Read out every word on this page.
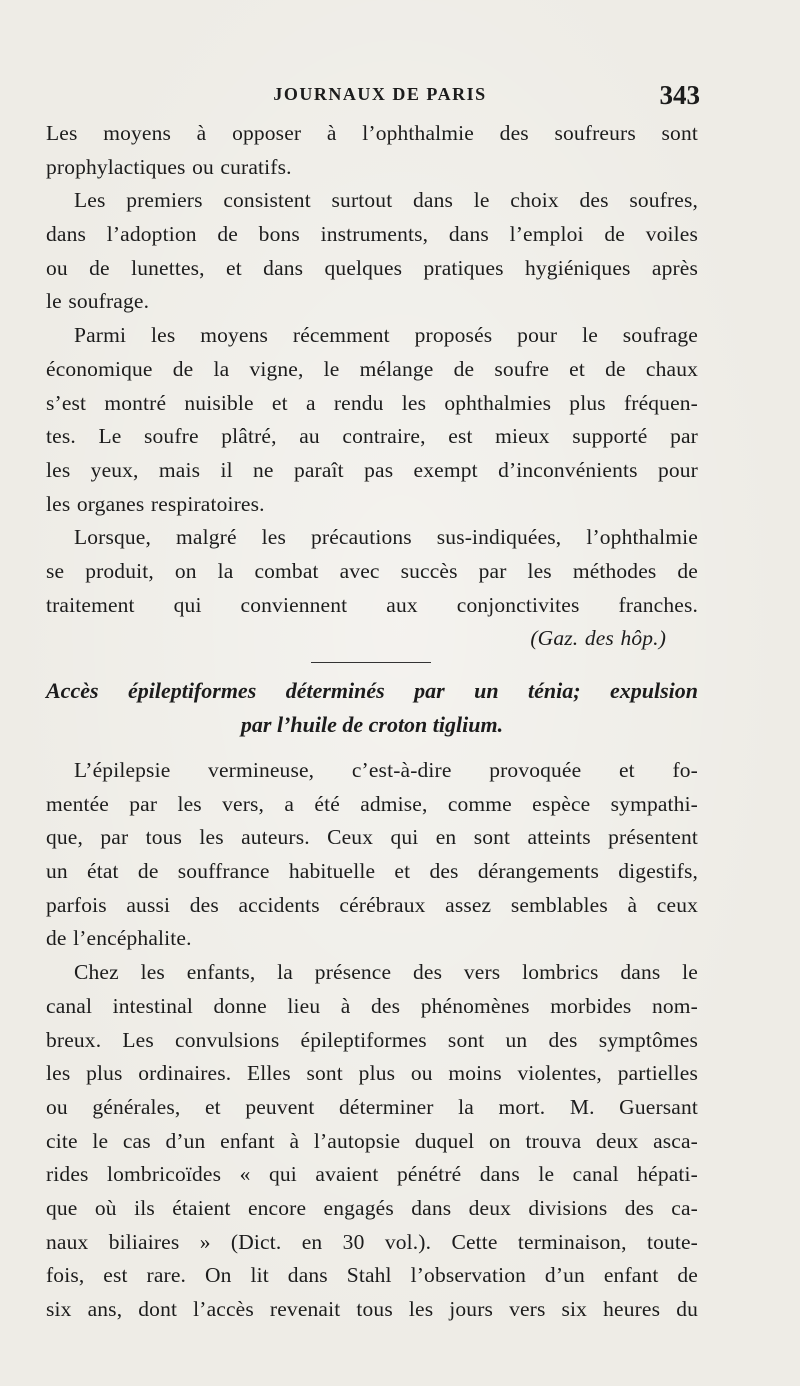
JOURNAUX DE PARIS	343
Les moyens à opposer à l’ophthalmie des soufreurs sont
prophylactiques ou curatifs.
Les premiers consistent surtout dans le choix des soufres,
dans l’adoption de bons instruments, dans l’emploi de voiles
ou de lunettes, et dans quelques pratiques hygiéniques après
le soufrage.
Parmi les moyens récemment proposés pour le soufrage
économique de la vigne, le mélange de soufre et de chaux
s’est montré nuisible et a rendu les ophthalmies plus fréquen-
tes. Le soufre plâtré, au contraire, est mieux supporté par
les yeux, mais il ne paraît pas exempt d’inconvénients pour
les organes respiratoires.
Lorsque, malgré les précautions sus-indiquées, l’ophthalmie
se produit, on la combat avec succès par les méthodes de
traitement qui conviennent aux conjonctivites franches.
(Gaz. des hôp.)
Accès épileptiformes déterminés par un ténia; expulsion
par l’huile de croton tiglium.
L’épilepsie vermineuse, c’est-à-dire provoquée et fo-
mentée par les vers, a été admise, comme espèce sympathi-
que, par tous les auteurs. Ceux qui en sont atteints présentent
un état de souffrance habituelle et des dérangements digestifs,
parfois aussi des accidents cérébraux assez semblables à ceux
de l’encéphalite.
Chez les enfants, la présence des vers lombrics dans le
canal intestinal donne lieu à des phénomènes morbides nom-
breux. Les convulsions épileptiformes sont un des symptômes
les plus ordinaires. Elles sont plus ou moins violentes, partielles
ou générales, et peuvent déterminer la mort. M. Guersant
cite le cas d’un enfant à l’autopsie duquel on trouva deux asca-
rides lombricoïdes « qui avaient pénétré dans le canal hépati-
que où ils étaient encore engagés dans deux divisions des ca-
naux biliaires » (Dict. en 30 vol.). Cette terminaison, toute-
fois, est rare. On lit dans Stahl l’observation d’un enfant de
six ans, dont l’accès revenait tous les jours vers six heures du
